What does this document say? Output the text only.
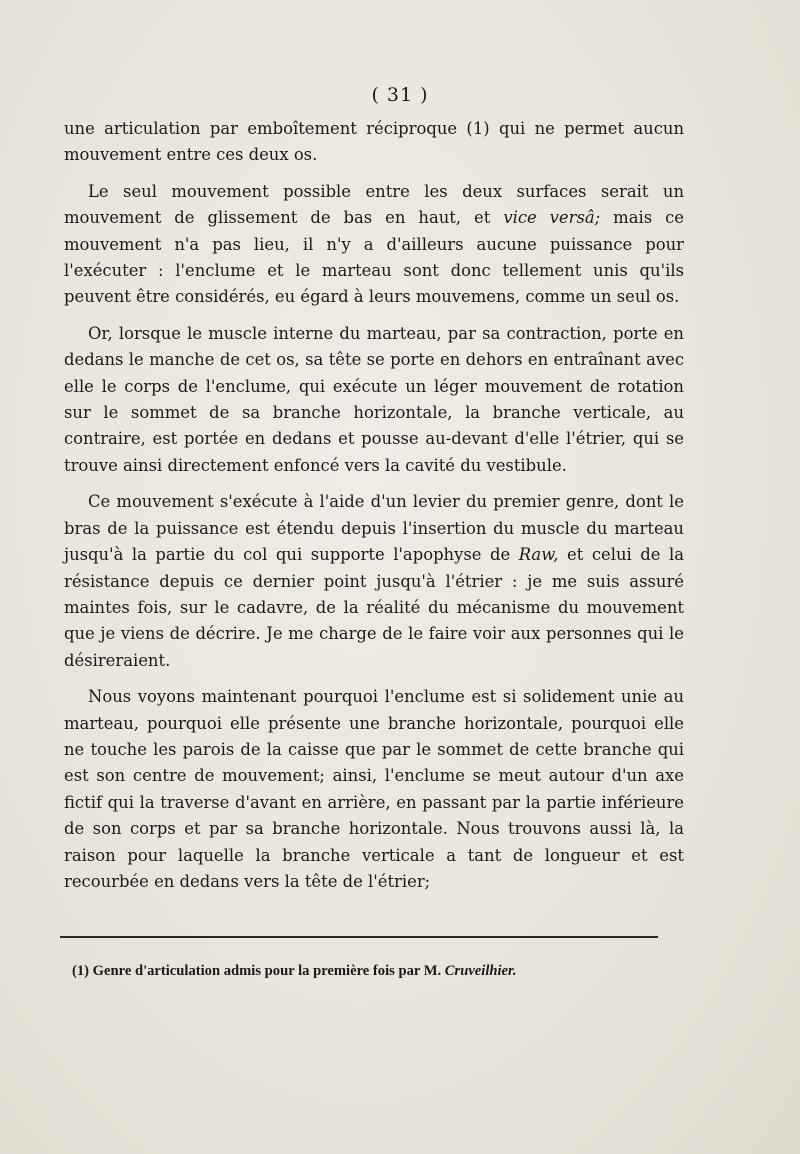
( 31 )

une articulation par emboîtement réciproque (1) qui ne permet aucun mouvement entre ces deux os.

Le seul mouvement possible entre les deux surfaces serait un mouvement de glissement de bas en haut, et vice versâ; mais ce mouvement n'a pas lieu, il n'y a d'ailleurs aucune puissance pour l'exécuter : l'enclume et le marteau sont donc tellement unis qu'ils peuvent être considérés, eu égard à leurs mouvemens, comme un seul os.

Or, lorsque le muscle interne du marteau, par sa contraction, porte en dedans le manche de cet os, sa tête se porte en dehors en entraînant avec elle le corps de l'enclume, qui exécute un léger mouvement de rotation sur le sommet de sa branche horizontale, la branche verticale, au contraire, est portée en dedans et pousse au-devant d'elle l'étrier, qui se trouve ainsi directement enfoncé vers la cavité du vestibule.

Ce mouvement s'exécute à l'aide d'un levier du premier genre, dont le bras de la puissance est étendu depuis l'insertion du muscle du marteau jusqu'à la partie du col qui supporte l'apophyse de Raw, et celui de la résistance depuis ce dernier point jusqu'à l'étrier : je me suis assuré maintes fois, sur le cadavre, de la réalité du mécanisme du mouvement que je viens de décrire. Je me charge de le faire voir aux personnes qui le désireraient.

Nous voyons maintenant pourquoi l'enclume est si solidement unie au marteau, pourquoi elle présente une branche horizontale, pourquoi elle ne touche les parois de la caisse que par le sommet de cette branche qui est son centre de mouvement; ainsi, l'enclume se meut autour d'un axe fictif qui la traverse d'avant en arrière, en passant par la partie inférieure de son corps et par sa branche horizontale. Nous trouvons aussi là, la raison pour laquelle la branche verticale a tant de longueur et est recourbée en dedans vers la tête de l'étrier;

(1) Genre d'articulation admis pour la première fois par M. Cruveilhier.
